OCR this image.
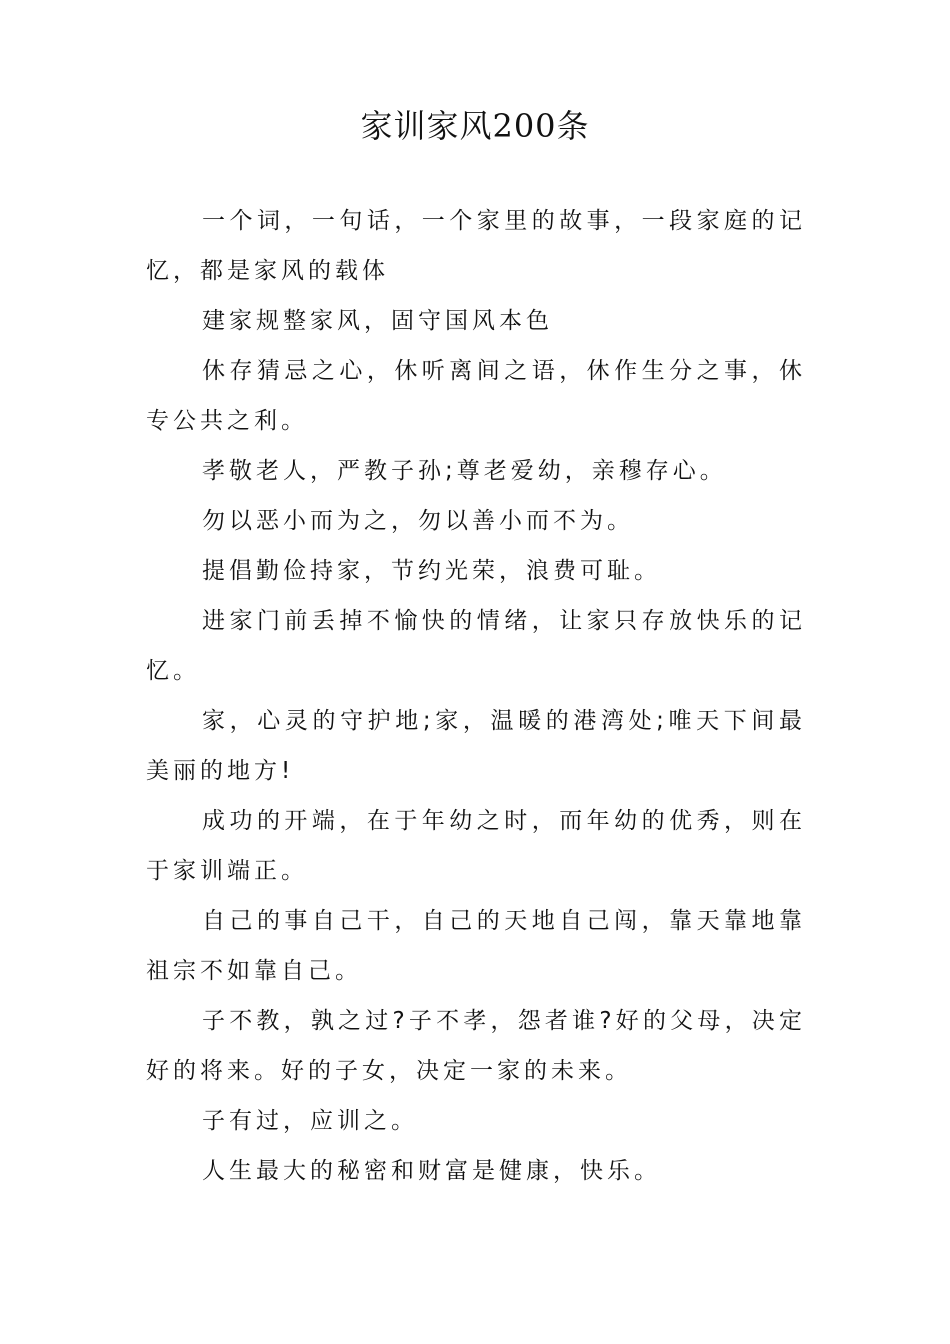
家训家风200条

一个词，一句话，一个家里的故事，一段家庭的记忆，都是家风的载体

建家规整家风，固守国风本色

休存猜忌之心，休听离间之语，休作生分之事，休专公共之利。

孝敬老人，严教子孙;尊老爱幼，亲穆存心。

勿以恶小而为之，勿以善小而不为。

提倡勤俭持家，节约光荣，浪费可耻。

进家门前丢掉不愉快的情绪，让家只存放快乐的记忆。

家，心灵的守护地;家，温暖的港湾处;唯天下间最美丽的地方!

成功的开端，在于年幼之时，而年幼的优秀，则在于家训端正。

自己的事自己干，自己的天地自己闯，靠天靠地靠祖宗不如靠自己。

子不教，孰之过?子不孝，怨者谁?好的父母，决定好的将来。好的子女，决定一家的未来。

子有过，应训之。

人生最大的秘密和财富是健康，快乐。
